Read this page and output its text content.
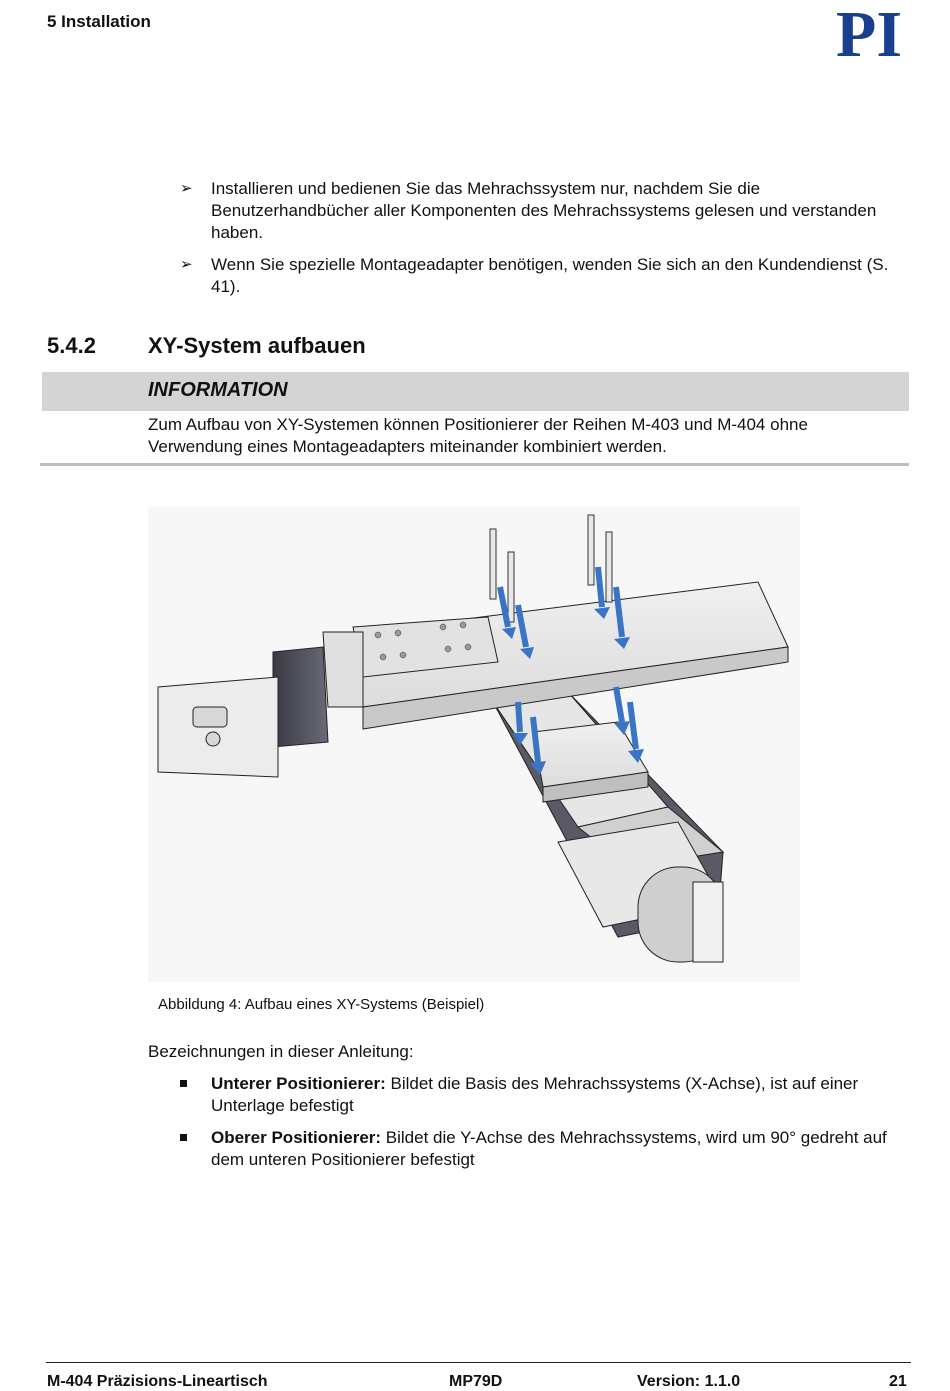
5 Installation	PI
➢ Installieren und bedienen Sie das Mehrachssystem nur, nachdem Sie die Benutzerhandbücher aller Komponenten des Mehrachssystems gelesen und verstanden haben.
➢ Wenn Sie spezielle Montageadapter benötigen, wenden Sie sich an den Kundendienst (S. 41).
5.4.2 XY-System aufbauen
INFORMATION
Zum Aufbau von XY-Systemen können Positionierer der Reihen M-403 und M-404 ohne Verwendung eines Montageadapters miteinander kombiniert werden.
Abbildung 4: Aufbau eines XY-Systems (Beispiel)
Bezeichnungen in dieser Anleitung:
Unterer Positionierer: Bildet die Basis des Mehrachssystems (X-Achse), ist auf einer Unterlage befestigt
Oberer Positionierer: Bildet die Y-Achse des Mehrachssystems, wird um 90° gedreht auf dem unteren Positionierer befestigt
M-404 Präzisions-Lineartisch	MP79D	Version: 1.1.0	21
